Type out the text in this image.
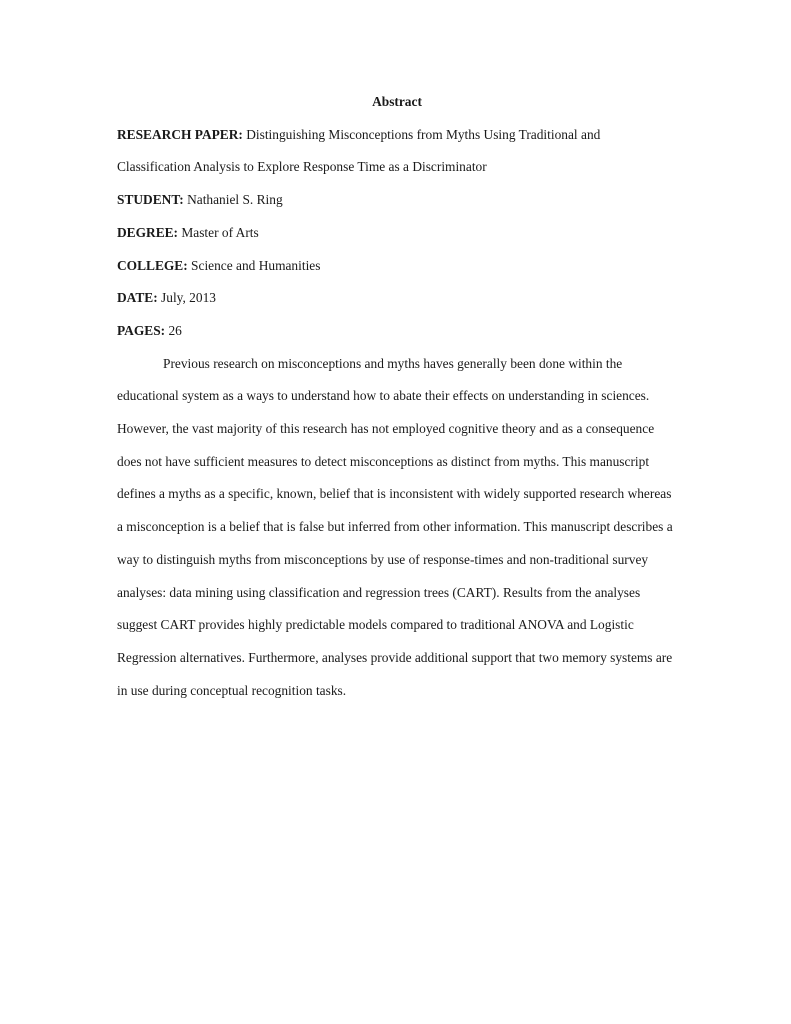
Abstract

RESEARCH PAPER: Distinguishing Misconceptions from Myths Using Traditional and Classification Analysis to Explore Response Time as a Discriminator

STUDENT: Nathaniel S. Ring

DEGREE: Master of Arts

COLLEGE: Science and Humanities

DATE: July, 2013

PAGES: 26

Previous research on misconceptions and myths haves generally been done within the educational system as a ways to understand how to abate their effects on understanding in sciences. However, the vast majority of this research has not employed cognitive theory and as a consequence does not have sufficient measures to detect misconceptions as distinct from myths. This manuscript defines a myths as a specific, known, belief that is inconsistent with widely supported research whereas a misconception is a belief that is false but inferred from other information. This manuscript describes a way to distinguish myths from misconceptions by use of response-times and non-traditional survey analyses: data mining using classification and regression trees (CART). Results from the analyses suggest CART provides highly predictable models compared to traditional ANOVA and Logistic Regression alternatives. Furthermore, analyses provide additional support that two memory systems are in use during conceptual recognition tasks.
